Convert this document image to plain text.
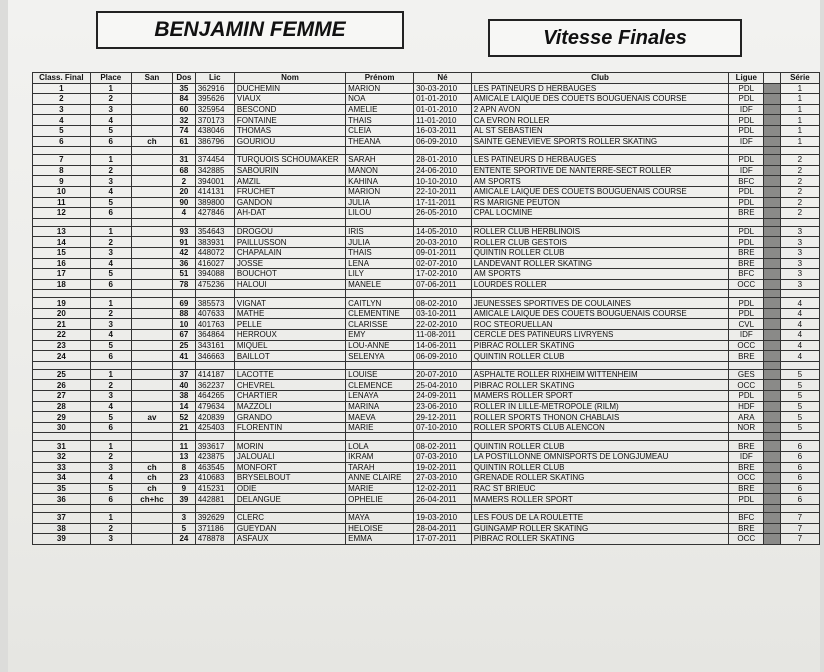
BENJAMIN FEMME	Vitesse Finales
Class. Final	Place	San	Dos	Lic	Nom	Prénom	Né	Club	Ligue		Série
1	1		35	362916	DUCHEMIN	MARION	30-03-2010	LES PATINEURS D HERBAUGES	PDL		1
2	2		84	395626	VIAUX	NOA	01-01-2010	AMICALE LAIQUE DES COUETS BOUGUENAIS COURSE	PDL		1
3	3		60	325954	BESCOND	AMELIE	01-01-2010	2 APN AVON	IDF		1
4	4		32	370173	FONTAINE	THAIS	11-01-2010	CA EVRON ROLLER	PDL		1
5	5		74	438046	THOMAS	CLEIA	16-03-2011	AL ST SEBASTIEN	PDL		1
6	6	ch	61	386796	GOURIOU	THEANA	06-09-2010	SAINTE GENEVIEVE SPORTS ROLLER SKATING	IDF		1

7	1		31	374454	TURQUOIS SCHOUMAKER	SARAH	28-01-2010	LES PATINEURS D HERBAUGES	PDL		2
8	2		68	342885	SABOURIN	MANON	24-06-2010	ENTENTE SPORTIVE DE NANTERRE-SECT ROLLER	IDF		2
9	3		2	394001	AMZIL	KAHINA	10-10-2010	AM SPORTS	BFC		2
10	4		20	414131	FRUCHET	MARION	22-10-2011	AMICALE LAIQUE DES COUETS BOUGUENAIS COURSE	PDL		2
11	5		90	389800	GANDON	JULIA	17-11-2011	RS MARIGNE PEUTON	PDL		2
12	6		4	427846	AH-DAT	LILOU	26-05-2010	CPAL LOCMINE	BRE		2

13	1		93	354643	DROGOU	IRIS	14-05-2010	ROLLER CLUB HERBLINOIS	PDL		3
14	2		91	383931	PAILLUSSON	JULIA	20-03-2010	ROLLER CLUB GESTOIS	PDL		3
15	3		42	448072	CHAPALAIN	THAIS	09-01-2011	QUINTIN ROLLER CLUB	BRE		3
16	4		36	416027	JOSSE	LENA	02-07-2010	LANDEVANT ROLLER SKATING	BRE		3
17	5		51	394088	BOUCHOT	LILY	17-02-2010	AM SPORTS	BFC		3
18	6		78	475236	HALOUI	MANELE	07-06-2011	LOURDES ROLLER	OCC		3

19	1		69	385573	VIGNAT	CAITLYN	08-02-2010	JEUNESSES SPORTIVES DE COULAINES	PDL		4
20	2		88	407633	MATHE	CLEMENTINE	03-10-2011	AMICALE LAIQUE DES COUETS BOUGUENAIS COURSE	PDL		4
21	3		10	401763	PELLE	CLARISSE	22-02-2010	ROC STEORUELLAN	CVL		4
22	4		67	364864	HERROUX	EMY	11-08-2011	CERCLE DES PATINEURS LIVRYENS	IDF		4
23	5		25	343161	MIQUEL	LOU-ANNE	14-06-2011	PIBRAC ROLLER SKATING	OCC		4
24	6		41	346663	BAILLOT	SELENYA	06-09-2010	QUINTIN ROLLER CLUB	BRE		4

25	1		37	414187	LACOTTE	LOUISE	20-07-2010	ASPHALTE ROLLER RIXHEIM WITTENHEIM	GES		5
26	2		40	362237	CHEVREL	CLEMENCE	25-04-2010	PIBRAC ROLLER SKATING	OCC		5
27	3		38	464265	CHARTIER	LENAYA	24-09-2011	MAMERS ROLLER SPORT	PDL		5
28	4		14	479634	MAZZOLI	MARINA	23-06-2010	ROLLER IN LILLE-METROPOLE (RILM)	HDF		5
29	5	av	52	420839	GRANDO	MAEVA	29-12-2011	ROLLER SPORTS THONON CHABLAIS	ARA		5
30	6		21	425403	FLORENTIN	MARIE	07-10-2010	ROLLER SPORTS CLUB ALENCON	NOR		5

31	1		11	393617	MORIN	LOLA	08-02-2011	QUINTIN ROLLER CLUB	BRE		6
32	2		13	423875	JALOUALI	IKRAM	07-03-2010	LA POSTILLONNE OMNISPORTS DE LONGJUMEAU	IDF		6
33	3	ch	8	463545	MONFORT	TARAH	19-02-2011	QUINTIN ROLLER CLUB	BRE		6
34	4	ch	23	410683	BRYSELBOUT	ANNE CLAIRE	27-03-2010	GRENADE ROLLER SKATING	OCC		6
35	5	ch	9	415231	ODIE	MARIE	12-02-2011	RAC ST BRIEUC	BRE		6
36	6	ch+hc	39	442881	DELANGUE	OPHELIE	26-04-2011	MAMERS ROLLER SPORT	PDL		6

37	1		3	392629	CLERC	MAYA	19-03-2010	LES FOUS DE LA ROULETTE	BFC		7
38	2		5	371186	GUEYDAN	HELOISE	28-04-2011	GUINGAMP ROLLER SKATING	BRE		7
39	3		24	478878	ASFAUX	EMMA	17-07-2011	PIBRAC ROLLER SKATING	OCC		7
